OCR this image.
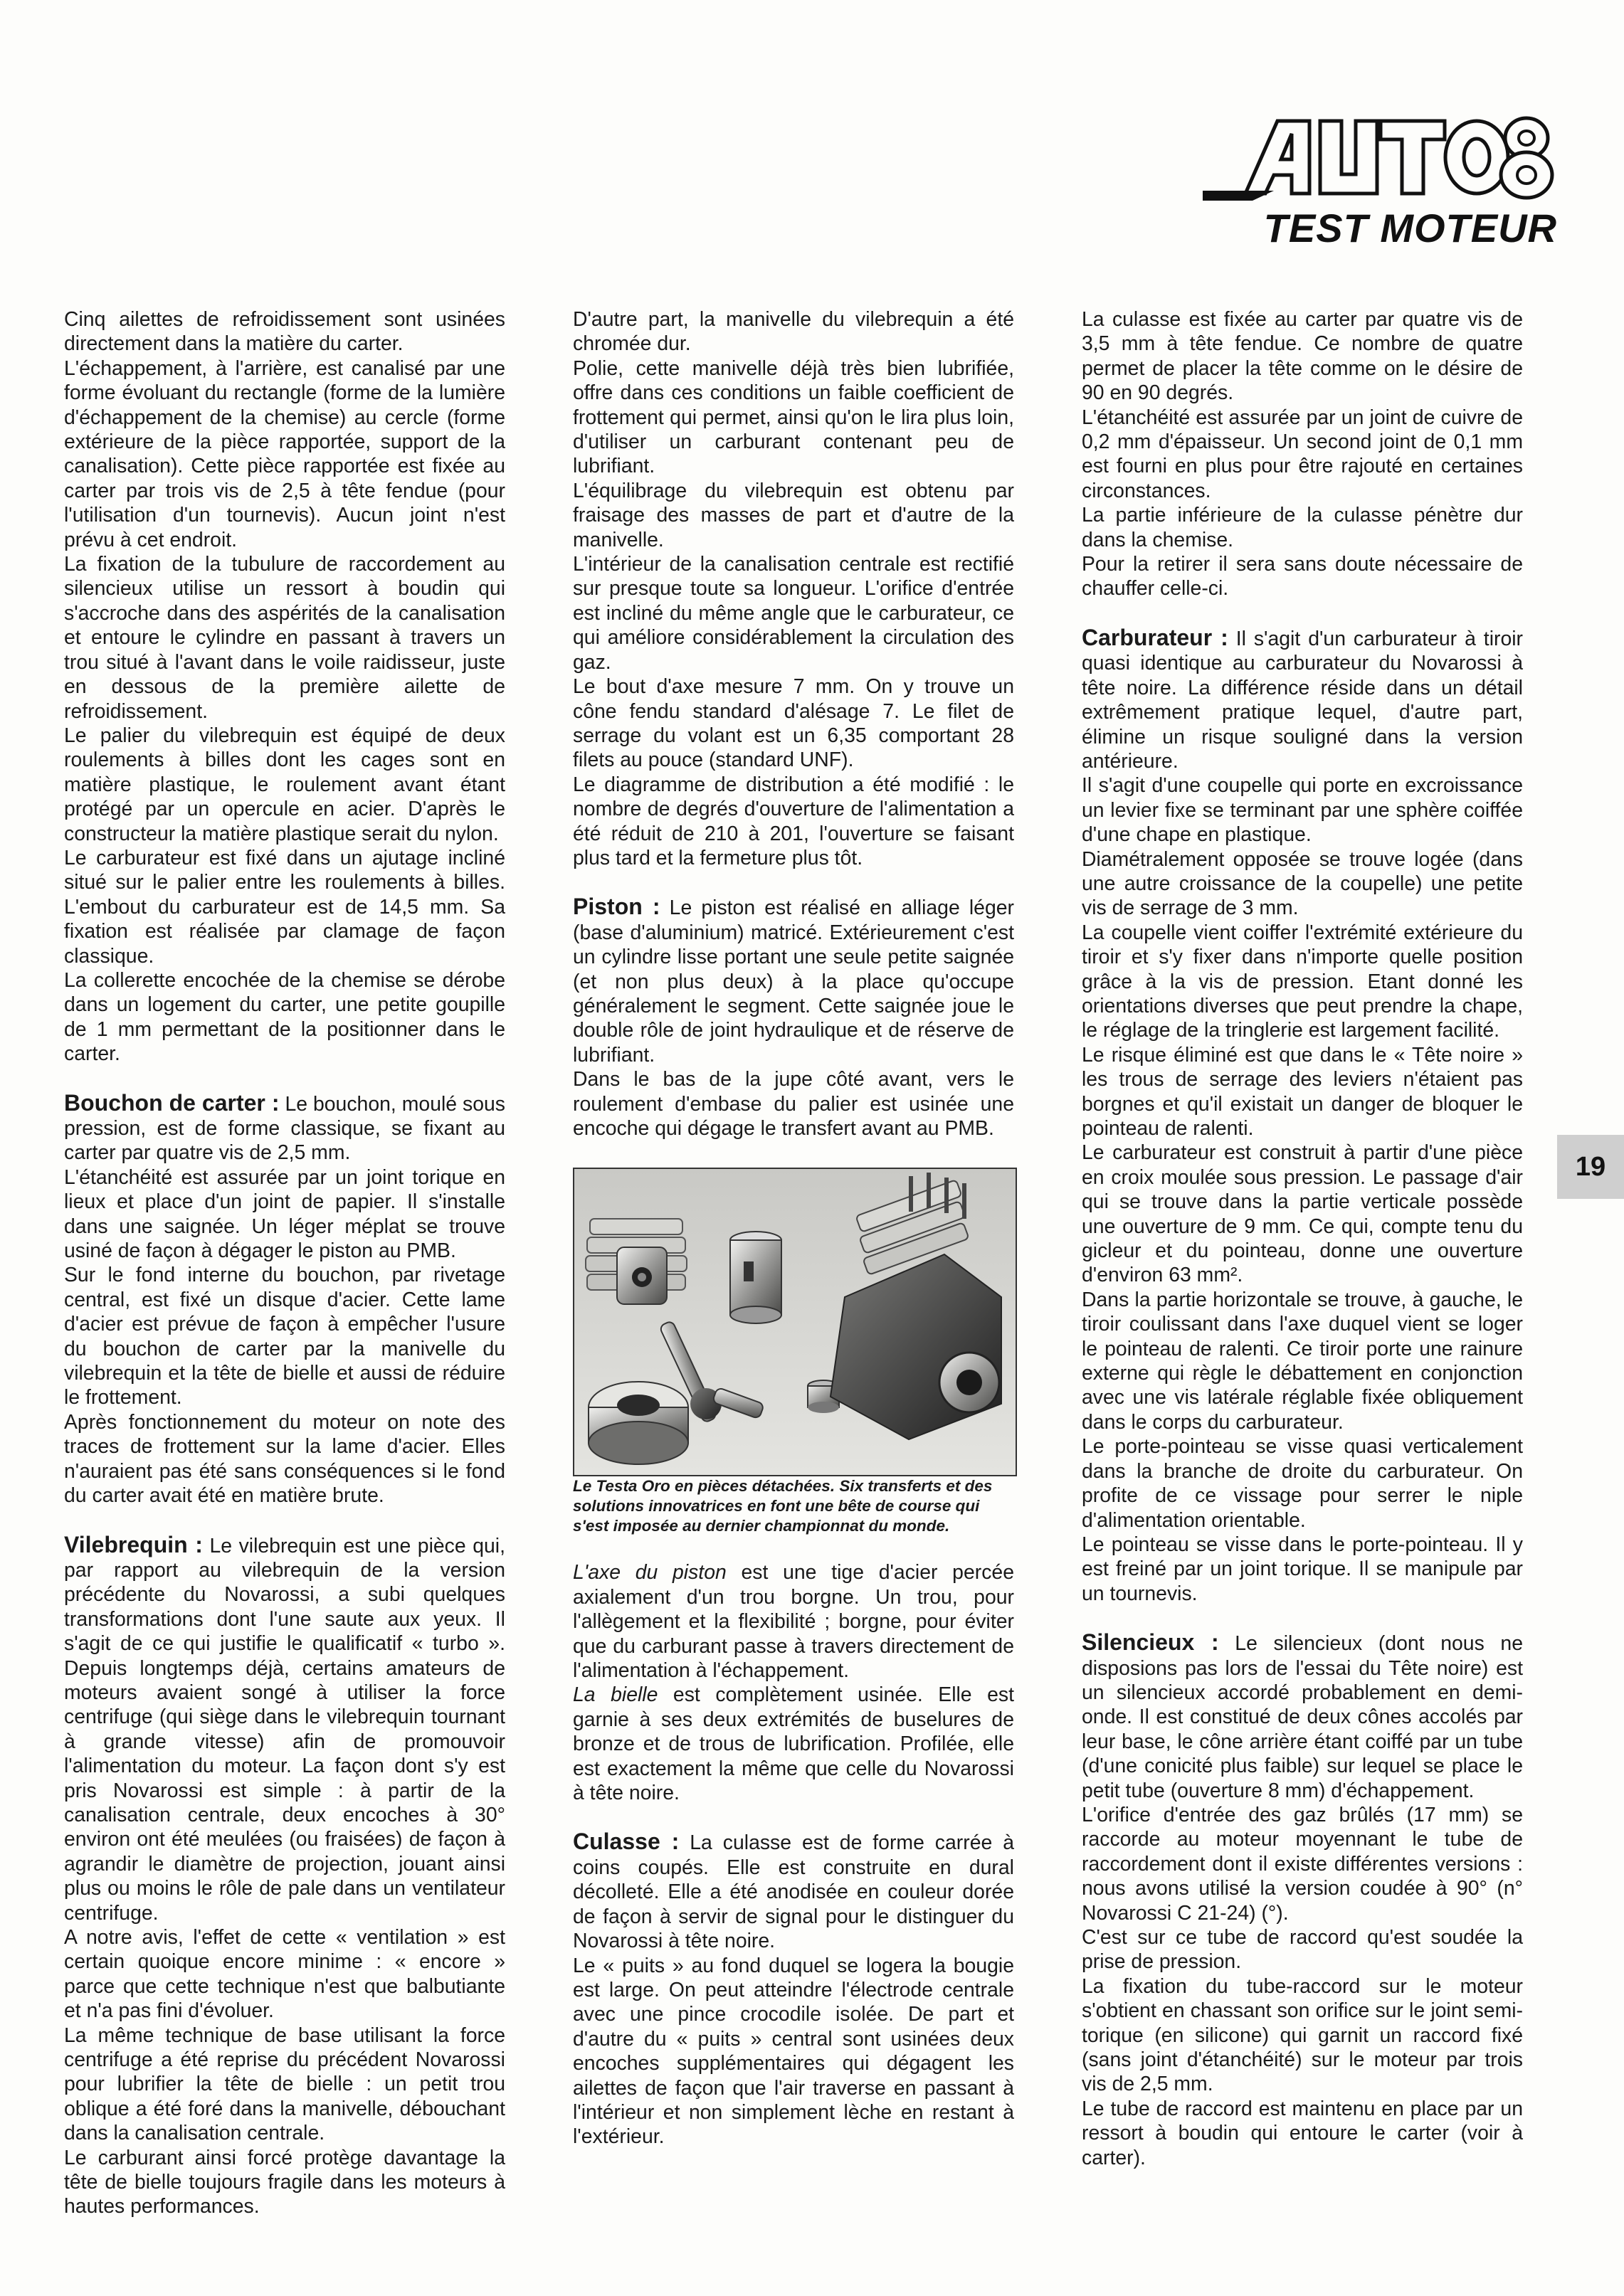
TEST MOTEUR

Cinq ailettes de refroidissement sont usinées directement dans la matière du carter.

L'échappement, à l'arrière, est canalisé par une forme évoluant du rectangle (forme de la lumière d'échappement de la chemise) au cercle (forme extérieure de la pièce rapportée, support de la canalisation). Cette pièce rapportée est fixée au carter par trois vis de 2,5 à tête fendue (pour l'utilisation d'un tournevis). Aucun joint n'est prévu à cet endroit.

La fixation de la tubulure de raccordement au silencieux utilise un ressort à boudin qui s'accroche dans des aspérités de la canalisation et entoure le cylindre en passant à travers un trou situé à l'avant dans le voile raidisseur, juste en dessous de la première ailette de refroidissement.

Le palier du vilebrequin est équipé de deux roulements à billes dont les cages sont en matière plastique, le roulement avant étant protégé par un opercule en acier. D'après le constructeur la matière plastique serait du nylon.

Le carburateur est fixé dans un ajutage incliné situé sur le palier entre les roulements à billes. L'embout du carburateur est de 14,5 mm. Sa fixation est réalisée par clamage de façon classique.

La collerette encochée de la chemise se dérobe dans un logement du carter, une petite goupille de 1 mm permettant de la positionner dans le carter.

Bouchon de carter : Le bouchon, moulé sous pression, est de forme classique, se fixant au carter par quatre vis de 2,5 mm.

L'étanchéité est assurée par un joint torique en lieux et place d'un joint de papier. Il s'installe dans une saignée. Un léger méplat se trouve usiné de façon à dégager le piston au PMB.

Sur le fond interne du bouchon, par rivetage central, est fixé un disque d'acier. Cette lame d'acier est prévue de façon à empêcher l'usure du bouchon de carter par la manivelle du vilebrequin et la tête de bielle et aussi de réduire le frottement.

Après fonctionnement du moteur on note des traces de frottement sur la lame d'acier. Elles n'auraient pas été sans conséquences si le fond du carter avait été en matière brute.

Vilebrequin : Le vilebrequin est une pièce qui, par rapport au vilebrequin de la version précédente du Novarossi, a subi quelques transformations dont l'une saute aux yeux. Il s'agit de ce qui justifie le qualificatif « turbo ». Depuis longtemps déjà, certains amateurs de moteurs avaient songé à utiliser la force centrifuge (qui siège dans le vilebrequin tournant à grande vitesse) afin de promouvoir l'alimentation du moteur. La façon dont s'y est pris Novarossi est simple : à partir de la canalisation centrale, deux encoches à 30° environ ont été meulées (ou fraisées) de façon à agrandir le diamètre de projection, jouant ainsi plus ou moins le rôle de pale dans un ventilateur centrifuge.

A notre avis, l'effet de cette « ventilation » est certain quoique encore minime : « encore » parce que cette technique n'est que balbutiante et n'a pas fini d'évoluer.

La même technique de base utilisant la force centrifuge a été reprise du précédent Novarossi pour lubrifier la tête de bielle : un petit trou oblique a été foré dans la manivelle, débouchant dans la canalisation centrale.

Le carburant ainsi forcé protège davantage la tête de bielle toujours fragile dans les moteurs à hautes performances.

D'autre part, la manivelle du vilebrequin a été chromée dur.

Polie, cette manivelle déjà très bien lubrifiée, offre dans ces conditions un faible coefficient de frottement qui permet, ainsi qu'on le lira plus loin, d'utiliser un carburant contenant peu de lubrifiant.

L'équilibrage du vilebrequin est obtenu par fraisage des masses de part et d'autre de la manivelle.

L'intérieur de la canalisation centrale est rectifié sur presque toute sa longueur. L'orifice d'entrée est incliné du même angle que le carburateur, ce qui améliore considérablement la circulation des gaz.

Le bout d'axe mesure 7 mm. On y trouve un cône fendu standard d'alésage 7. Le filet de serrage du volant est un 6,35 comportant 28 filets au pouce (standard UNF).

Le diagramme de distribution a été modifié : le nombre de degrés d'ouverture de l'alimentation a été réduit de 210 à 201, l'ouverture se faisant plus tard et la fermeture plus tôt.

Piston : Le piston est réalisé en alliage léger (base d'aluminium) matricé. Extérieurement c'est un cylindre lisse portant une seule petite saignée (et non plus deux) à la place qu'occupe généralement le segment. Cette saignée joue le double rôle de joint hydraulique et de réserve de lubrifiant.

Dans le bas de la jupe côté avant, vers le roulement d'embase du palier est usinée une encoche qui dégage le transfert avant au PMB.

Le Testa Oro en pièces détachées. Six transferts et des solutions innovatrices en font une bête de course qui s'est imposée au dernier championnat du monde.

L'axe du piston est une tige d'acier percée axialement d'un trou borgne. Un trou, pour l'allègement et la flexibilité ; borgne, pour éviter que du carburant passe à travers directement de l'alimentation à l'échappement.

La bielle est complètement usinée. Elle est garnie à ses deux extrémités de buselures de bronze et de trous de lubrification. Profilée, elle est exactement la même que celle du Novarossi à tête noire.

Culasse : La culasse est de forme carrée à coins coupés. Elle est construite en dural décolleté. Elle a été anodisée en couleur dorée de façon à servir de signal pour le distinguer du Novarossi à tête noire.

Le « puits » au fond duquel se logera la bougie est large. On peut atteindre l'électrode centrale avec une pince crocodile isolée. De part et d'autre du « puits » central sont usinées deux encoches supplémentaires qui dégagent les ailettes de façon que l'air traverse en passant à l'intérieur et non simplement lèche en restant à l'extérieur.

La culasse est fixée au carter par quatre vis de 3,5 mm à tête fendue. Ce nombre de quatre permet de placer la tête comme on le désire de 90 en 90 degrés.

L'étanchéité est assurée par un joint de cuivre de 0,2 mm d'épaisseur. Un second joint de 0,1 mm est fourni en plus pour être rajouté en certaines circonstances.

La partie inférieure de la culasse pénètre dur dans la chemise.

Pour la retirer il sera sans doute nécessaire de chauffer celle-ci.

Carburateur : Il s'agit d'un carburateur à tiroir quasi identique au carburateur du Novarossi à tête noire. La différence réside dans un détail extrêmement pratique lequel, d'autre part, élimine un risque souligné dans la version antérieure.

Il s'agit d'une coupelle qui porte en excroissance un levier fixe se terminant par une sphère coiffée d'une chape en plastique.

Diamétralement opposée se trouve logée (dans une autre croissance de la coupelle) une petite vis de serrage de 3 mm.

La coupelle vient coiffer l'extrémité extérieure du tiroir et s'y fixer dans n'importe quelle position grâce à la vis de pression. Etant donné les orientations diverses que peut prendre la chape, le réglage de la tringlerie est largement facilité.

Le risque éliminé est que dans le « Tête noire » les trous de serrage des leviers n'étaient pas borgnes et qu'il existait un danger de bloquer le pointeau de ralenti.

Le carburateur est construit à partir d'une pièce en croix moulée sous pression. Le passage d'air qui se trouve dans la partie verticale possède une ouverture de 9 mm. Ce qui, compte tenu du gicleur et du pointeau, donne une ouverture d'environ 63 mm².

Dans la partie horizontale se trouve, à gauche, le tiroir coulissant dans l'axe duquel vient se loger le pointeau de ralenti. Ce tiroir porte une rainure externe qui règle le débattement en conjonction avec une vis latérale réglable fixée obliquement dans le corps du carburateur.

Le porte-pointeau se visse quasi verticalement dans la branche de droite du carburateur. On profite de ce vissage pour serrer le niple d'alimentation orientable.

Le pointeau se visse dans le porte-pointeau. Il y est freiné par un joint torique. Il se manipule par un tournevis.

Silencieux : Le silencieux (dont nous ne disposions pas lors de l'essai du Tête noire) est un silencieux accordé probablement en demi-onde. Il est constitué de deux cônes accolés par leur base, le cône arrière étant coiffé par un tube (d'une conicité plus faible) sur lequel se place le petit tube (ouverture 8 mm) d'échappement.

L'orifice d'entrée des gaz brûlés (17 mm) se raccorde au moteur moyennant le tube de raccordement dont il existe différentes versions : nous avons utilisé la version coudée à 90° (n° Novarossi C 21-24) (°).

C'est sur ce tube de raccord qu'est soudée la prise de pression.

La fixation du tube-raccord sur le moteur s'obtient en chassant son orifice sur le joint semi-torique (en silicone) qui garnit un raccord fixé (sans joint d'étanchéité) sur le moteur par trois vis de 2,5 mm.

Le tube de raccord est maintenu en place par un ressort à boudin qui entoure le carter (voir à carter).

19
